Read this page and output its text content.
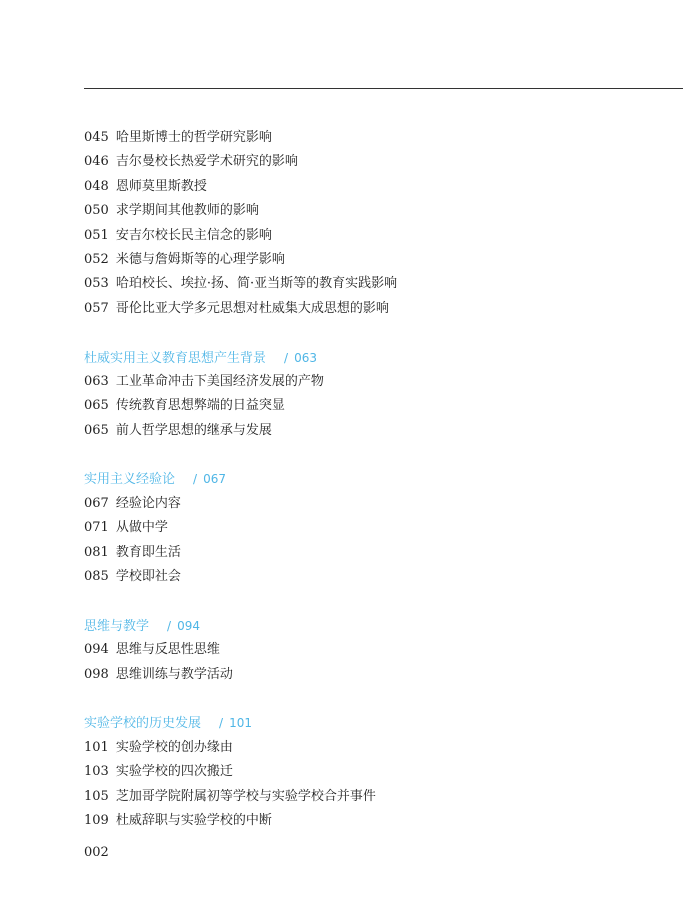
045 哈里斯博士的哲学研究影响
046 吉尔曼校长热爱学术研究的影响
048 恩师莫里斯教授
050 求学期间其他教师的影响
051 安吉尔校长民主信念的影响
052 米德与詹姆斯等的心理学影响
053 哈珀校长、埃拉·扬、简·亚当斯等的教育实践影响
057 哥伦比亚大学多元思想对杜威集大成思想的影响
杜威实用主义教育思想产生背景 / 063
063 工业革命冲击下美国经济发展的产物
065 传统教育思想弊端的日益突显
065 前人哲学思想的继承与发展
实用主义经验论 / 067
067 经验论内容
071 从做中学
081 教育即生活
085 学校即社会
思维与教学 / 094
094 思维与反思性思维
098 思维训练与教学活动
实验学校的历史发展 / 101
101 实验学校的创办缘由
103 实验学校的四次搬迁
105 芝加哥学院附属初等学校与实验学校合并事件
109 杜威辞职与实验学校的中断
002
